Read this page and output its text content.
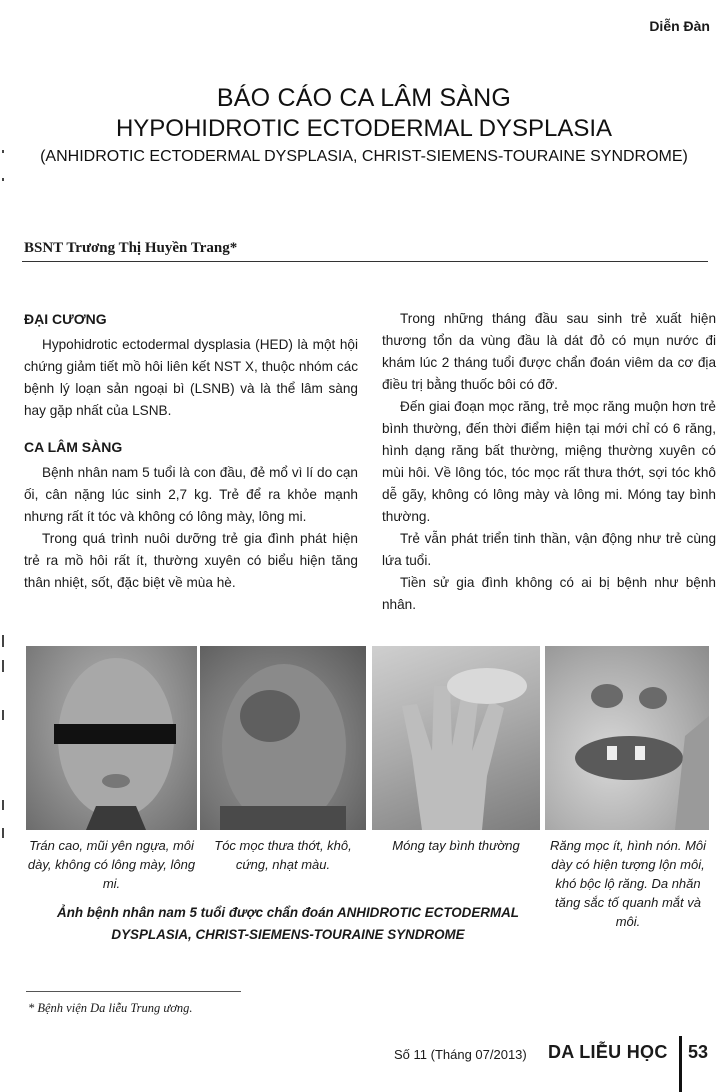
Diễn Đàn
BÁO CÁO CA LÂM SÀNG
HYPOHIDROTIC ECTODERMAL DYSPLASIA
(ANHIDROTIC ECTODERMAL DYSPLASIA, CHRIST-SIEMENS-TOURAINE SYNDROME)
BSNT Trương Thị Huyền Trang*
ĐẠI CƯƠNG

Hypohidrotic ectodermal dysplasia (HED) là một hội chứng giảm tiết mồ hôi liên kết NST X, thuộc nhóm các bệnh lý loạn sản ngoại bì (LSNB) và là thể lâm sàng hay gặp nhất của LSNB.

CA LÂM SÀNG

Bệnh nhân nam 5 tuổi là con đầu, đẻ mổ vì lí do cạn ối, cân nặng lúc sinh 2,7 kg. Trẻ để ra khỏe mạnh nhưng rất ít tóc và không có lông mày, lông mi.

Trong quá trình nuôi dưỡng trẻ gia đình phát hiện trẻ ra mồ hôi rất ít, thường xuyên có biểu hiện tăng thân nhiệt, sốt, đặc biệt về mùa hè.

Trong những tháng đầu sau sinh trẻ xuất hiện thương tổn da vùng đầu là dát đỏ có mụn nước đi khám lúc 2 tháng tuổi được chẩn đoán viêm da cơ địa điều trị bằng thuốc bôi có đỡ.

Đến giai đoạn mọc răng, trẻ mọc răng muộn hơn trẻ bình thường, đến thời điểm hiện tại mới chỉ có 6 răng, hình dạng răng bất thường, miệng thường xuyên có mùi hôi. Về lông tóc, tóc mọc rất thưa thớt, sợi tóc khô dễ gãy, không có lông mày và lông mi. Móng tay bình thường.

Trẻ vẫn phát triển tinh thần, vận động như trẻ cùng lứa tuổi.

Tiền sử gia đình không có ai bị bệnh như bệnh nhân.

Trán cao, mũi yên ngựa, môi dày, không có lông mày, lông mi.
Tóc mọc thưa thớt, khô, cứng, nhạt màu.
Móng tay bình thường	Răng mọc ít, hình nón. Môi dày có hiện tượng lộn môi, khó bộc lộ răng. Da nhăn tăng sắc tố quanh mắt và môi.
Ảnh bệnh nhân nam 5 tuổi được chẩn đoán ANHIDROTIC ECTODERMAL DYSPLASIA, CHRIST-SIEMENS-TOURAINE SYNDROME
* Bệnh viện Da liễu Trung ương.
Số 11 (Tháng 07/2013) DA LIỄU HỌC 53
